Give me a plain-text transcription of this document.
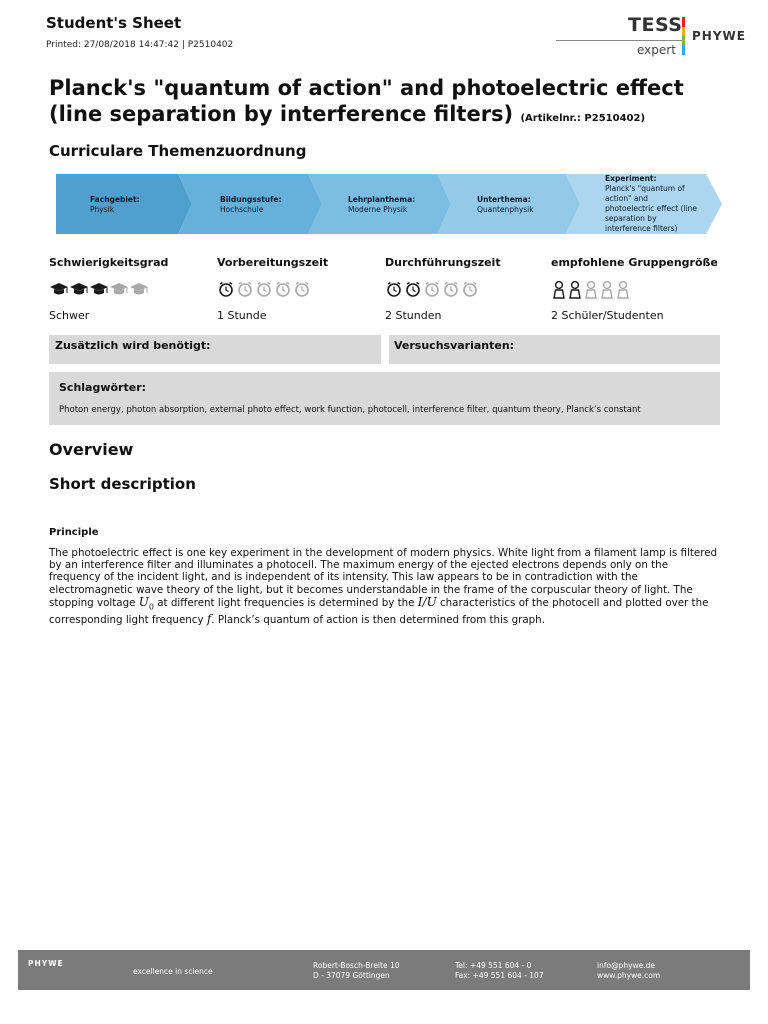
Student's Sheet
Printed: 27/08/2018 14:47:42 | P2510402
TESS
expert
PHYWE
Planck's "quantum of action" and photoelectric effect (line separation by interference filters) (Artikelnr.: P2510402)
Curriculare Themenzuordnung
Fachgebiet:
Physik
Bildungsstufe:
Hochschule
Lehrplanthema:
Moderne Physik
Unterthema:
Quantenphysik
Experiment:
Planck's "quantum of action" and photoelectric effect (line separation by interference filters)
Schwierigkeitsgrad	Vorbereitungszeit	Durchführungszeit	empfohlene Gruppengröße
Schwer	1 Stunde	2 Stunden	2 Schüler/Studenten
Zusätzlich wird benötigt:	Versuchsvarianten:
Schlagwörter:
Photon energy, photon absorption, external photo effect, work function, photocell, interference filter, quantum theory, Planck’s constant
Overview
Short description
Principle
The photoelectric effect is one key experiment in the development of modern physics. White light from a filament lamp is filtered
by an interference filter and illuminates a photocell. The maximum energy of the ejected electrons depends only on the
frequency of the incident light, and is independent of its intensity. This law appears to be in contradiction with the
electromagnetic wave theory of the light, but it becomes understandable in the frame of the corpuscular theory of light. The
stopping voltage $U_0$ at different light frequencies is determined by the I/U characteristics of the photocell and plotted over the
corresponding light frequency f. Planck’s quantum of action is then determined from this graph.
PHYWE
excellence in science
Robert-Bosch-Breite 10
D - 37079 Göttingen
Tel: +49 551 604 - 0
Fax: +49 551 604 - 107
info@phywe.de
www.phywe.com
